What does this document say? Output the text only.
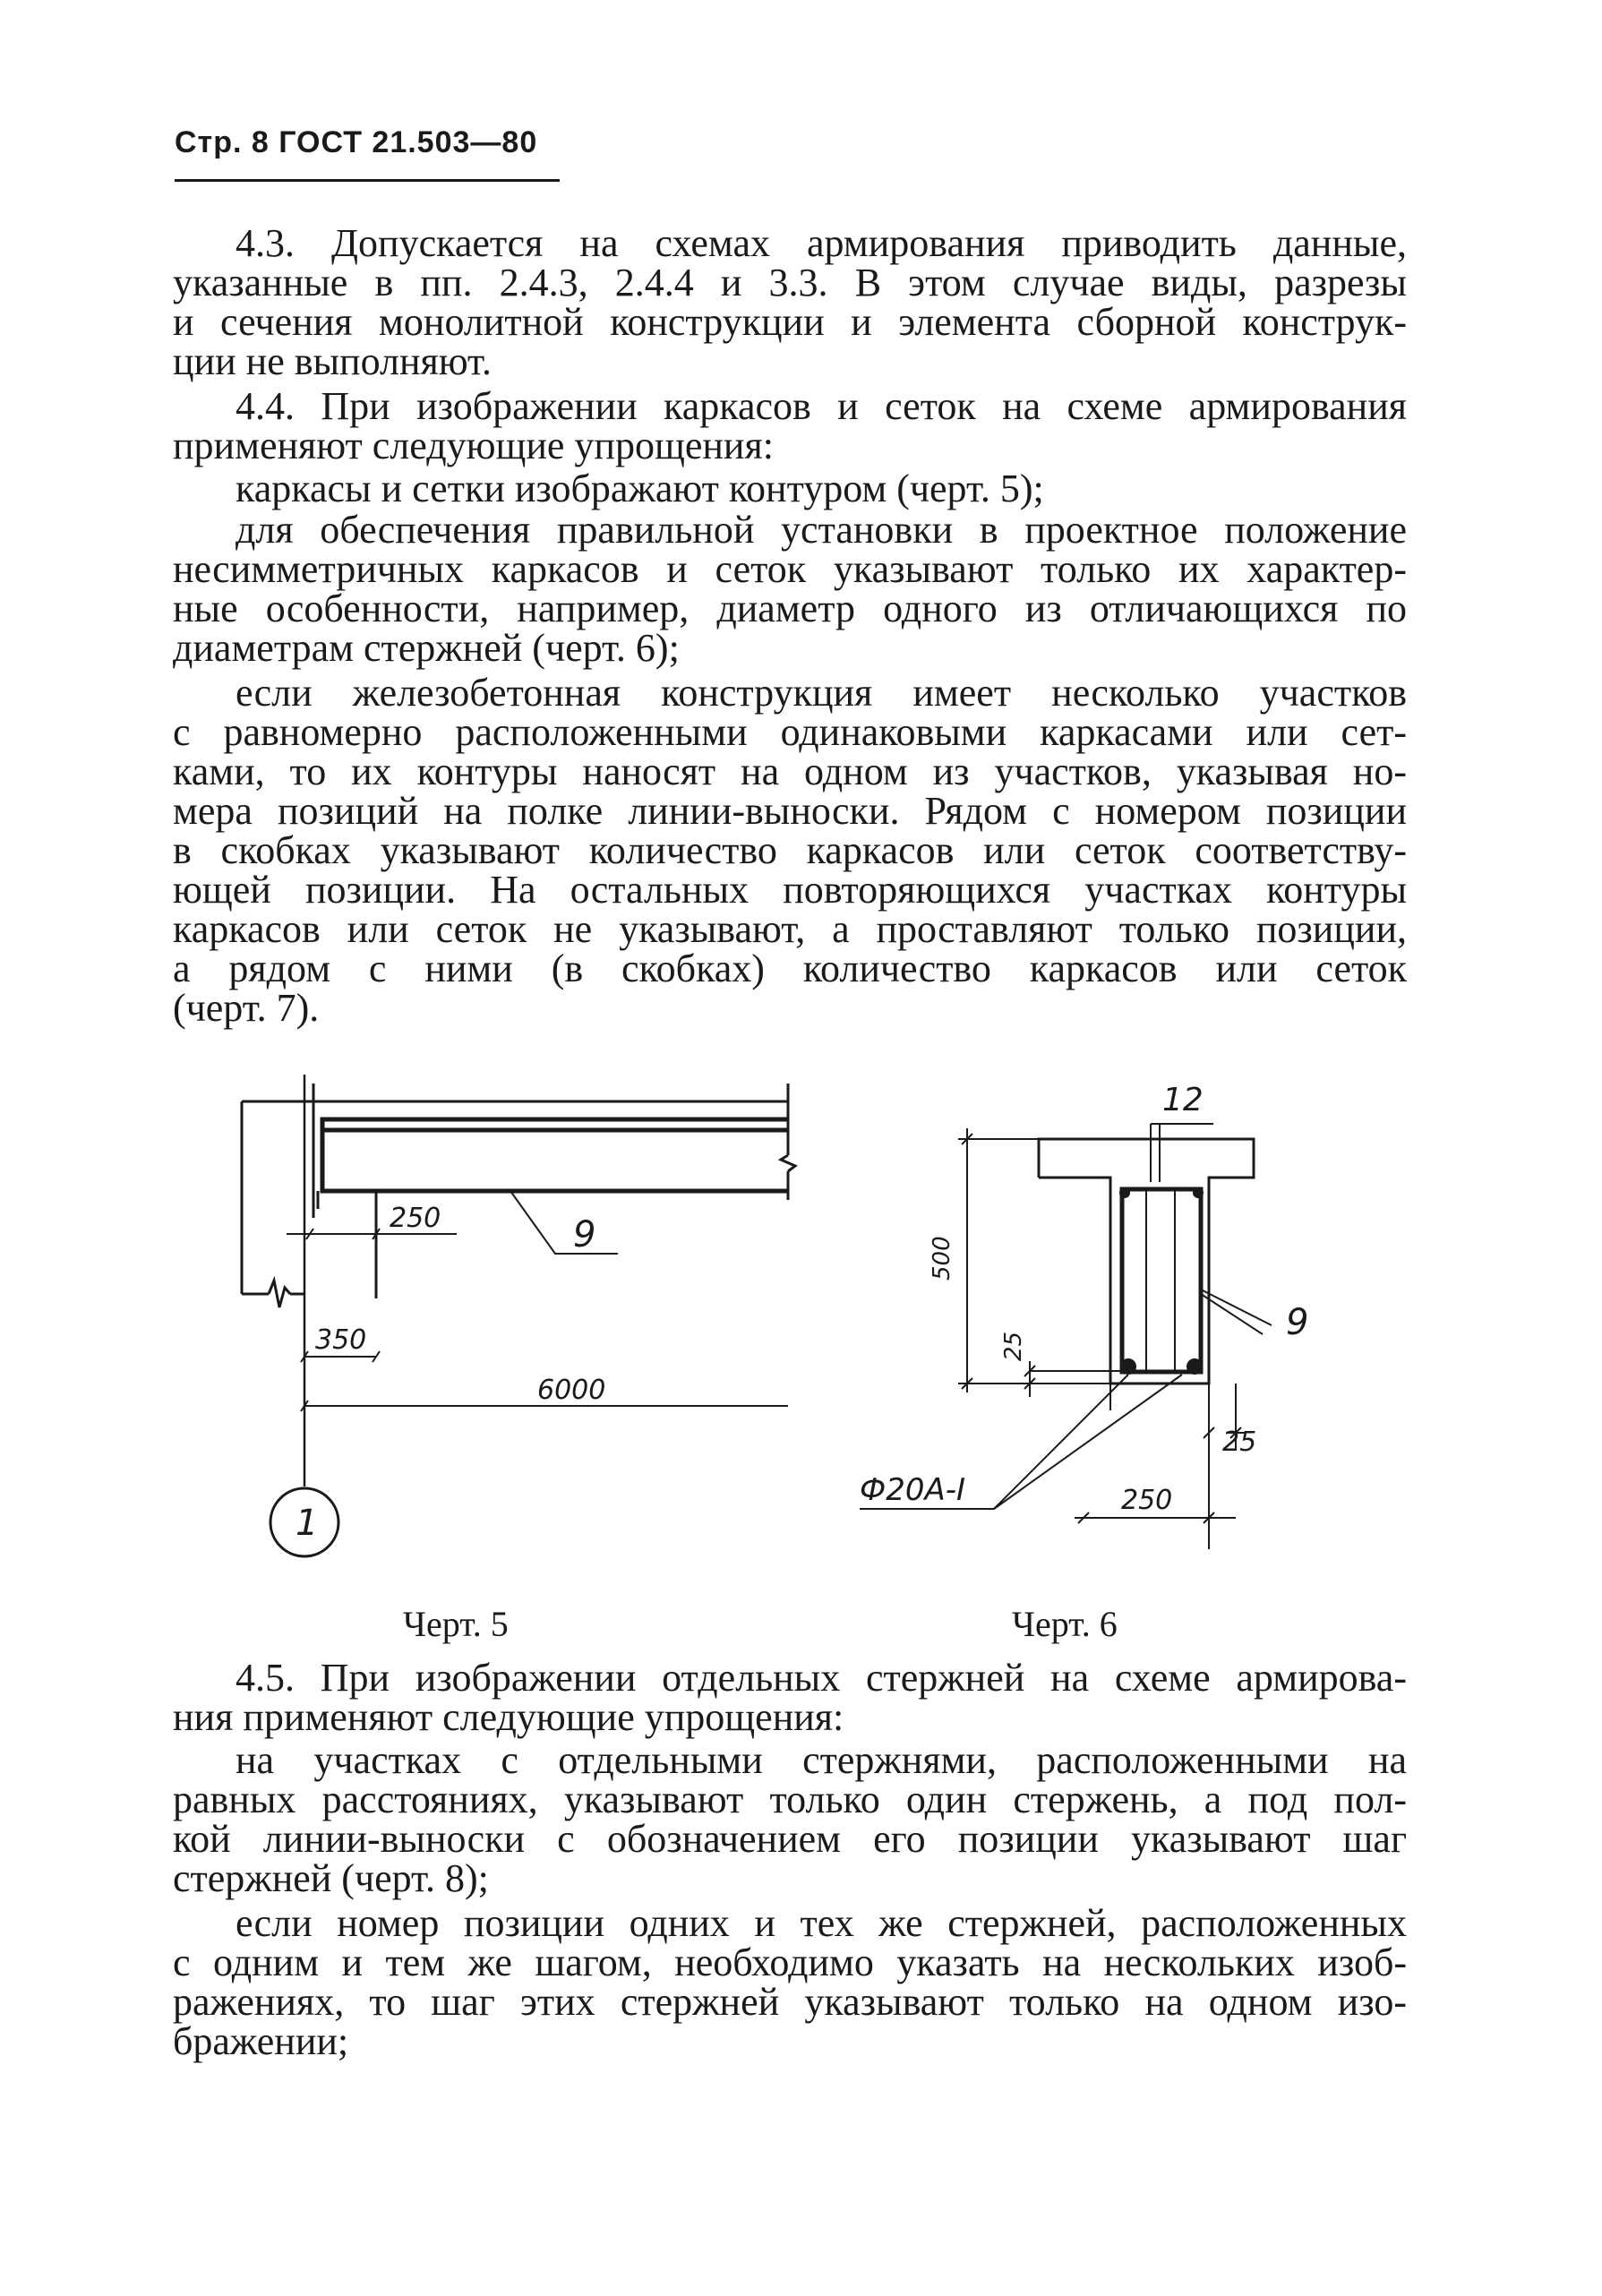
Стр. 8 ГОСТ 21.503—80

4.3. Допускается на схемах армирования приводить данные,

указанные в пп. 2.4.3, 2.4.4 и 3.3. В этом случае виды, разрезы

и сечения монолитной конструкции и элемента сборной конструк-

ции не выполняют.

4.4. При изображении каркасов и сеток на схеме армирования

применяют следующие упрощения:

каркасы и сетки изображают контуром (черт. 5);

для обеспечения правильной установки в проектное положение

несимметричных каркасов и сеток указывают только их характер-

ные особенности, например, диаметр одного из отличающихся по

диаметрам стержней (черт. 6);

если железобетонная конструкция имеет несколько участков

с равномерно расположенными одинаковыми каркасами или сет-

ками, то их контуры наносят на одном из участков, указывая но-

мера позиций на полке линии-выноски. Рядом с номером позиции

в скобках указывают количество каркасов или сеток соответству-

ющей позиции. На остальных повторяющихся участках контуры

каркасов или сеток не указывают, а проставляют только позиции,

а рядом с ними (в скобках) количество каркасов или сеток

(черт. 7).

250
350
6000
9
1
Черт. 5
12
9
500
25
25
250
Ф20А-I
Черт. 6

4.5. При изображении отдельных стержней на схеме армирова-

ния применяют следующие упрощения:

на участках с отдельными стержнями, расположенными на

равных расстояниях, указывают только один стержень, а под пол-

кой линии-выноски с обозначением его позиции указывают шаг

стержней (черт. 8);

если номер позиции одних и тех же стержней, расположенных

с одним и тем же шагом, необходимо указать на нескольких изоб-

ражениях, то шаг этих стержней указывают только на одном изо-

бражении;
